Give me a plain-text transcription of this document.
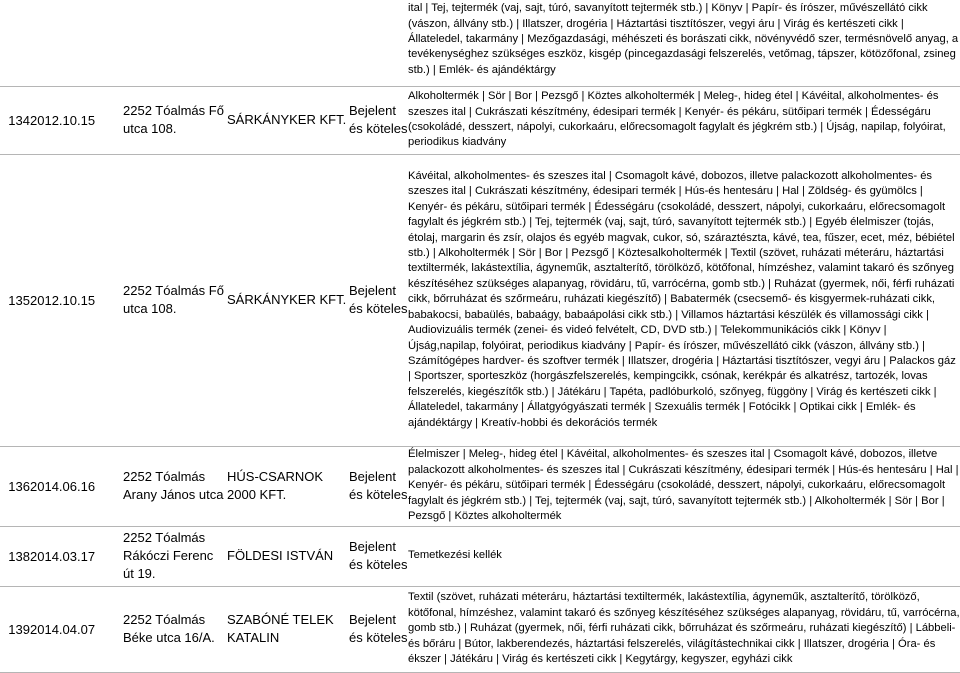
					ital | Tej, tejtermék (vaj, sajt, túró, savanyított tejtermék stb.) | Könyv | Papír- és írószer, művészellátó cikk (vászon, állvány stb.) | Illatszer, drogéria | Háztartási tisztítószer, vegyi áru | Virág és kertészeti cikk | Állateledel, takarmány | Mezőgazdasági, méhészeti és borászati cikk, növényvédő szer, termésnövelő anyag, a tevékenységhez szükséges eszköz, kisgép (pincegazdasági felszerelés, vetőmag, tápszer, kötözőfonal, zsineg stb.) | Emlék- és ajándéktárgy
134	2012.10.15	2252 Tóalmás Fő utca 108.	SÁRKÁNYKER KFT.	Bejelent és köteles	Alkoholtermék | Sör | Bor | Pezsgő | Köztes alkoholtermék | Meleg-, hideg étel | Kávéital, alkoholmentes- és szeszes ital | Cukrászati készítmény, édesipari termék | Kenyér- és pékáru, sütőipari termék | Édességáru (csokoládé, desszert, nápolyi, cukorkaáru, előrecsomagolt fagylalt és jégkrém stb.) | Újság, napilap, folyóirat, periodikus kiadvány
135	2012.10.15	2252 Tóalmás Fő utca 108.	SÁRKÁNYKER KFT.	Bejelent és köteles	Kávéital, alkoholmentes- és szeszes ital | Csomagolt kávé, dobozos, illetve palackozott alkoholmentes- és szeszes ital | Cukrászati készítmény, édesipari termék | Hús-és hentesáru | Hal | Zöldség- és gyümölcs | Kenyér- és pékáru, sütőipari termék | Édességáru (csokoládé, desszert, nápolyi, cukorkaáru, előrecsomagolt fagylalt és jégkrém stb.) | Tej, tejtermék (vaj, sajt, túró, savanyított tejtermék stb.) | Egyéb élelmiszer (tojás, étolaj, margarin és zsír, olajos és egyéb magvak, cukor, só, száraztészta, kávé, tea, fűszer, ecet, méz, bébiétel stb.) | Alkoholtermék | Sör | Bor | Pezsgő | Köztesalkoholtermék | Textil (szövet, ruházati méteráru, háztartási textiltermék, lakástextília, ágyneműk, asztalterítő, törölköző, kötőfonal, hímzéshez, valamint takaró és szőnyeg készítéséhez szükséges alapanyag, rövidáru, tű, varrócérna, gomb stb.) | Ruházat (gyermek, női, férfi ruházati cikk, bőrruházat és szőrmeáru, ruházati kiegészítő) | Babatermék (csecsemő- és kisgyermek-ruházati cikk, babakocsi, babaülés, babaágy, babaápolási cikk stb.) | Villamos háztartási készülék és villamossági cikk | Audiovizuális termék (zenei- és videó felvételt, CD, DVD stb.) | Telekommunikációs cikk | Könyv | Újság,napilap, folyóirat, periodikus kiadvány | Papír- és írószer, művészellátó cikk (vászon, állvány stb.) | Számítógépes hardver- és szoftver termék | Illatszer, drogéria | Háztartási tisztítószer, vegyi áru | Palackos gáz | Sportszer, sporteszköz (horgászfelszerelés, kempingcikk, csónak, kerékpár és alkatrész, tartozék, lovas felszerelés, kiegészítők stb.) | Játékáru | Tapéta, padlóburkoló, szőnyeg, függöny | Virág és kertészeti cikk | Állateledel, takarmány | Állatgyógyászati termék | Szexuális termék | Fotócikk | Optikai cikk | Emlék- és ajándéktárgy | Kreatív-hobbi és dekorációs termék
136	2014.06.16	2252 Tóalmás Arany János utca	HÚS-CSARNOK 2000 KFT.	Bejelent és köteles	Élelmiszer | Meleg-, hideg étel | Kávéital, alkoholmentes- és szeszes ital | Csomagolt kávé, dobozos, illetve palackozott alkoholmentes- és szeszes ital | Cukrászati készítmény, édesipari termék | Hús-és hentesáru | Hal | Kenyér- és pékáru, sütőipari termék | Édességáru (csokoládé, desszert, nápolyi, cukorkaáru, előrecsomagolt fagylalt és jégkrém stb.) | Tej, tejtermék (vaj, sajt, túró, savanyított tejtermék stb.) | Alkoholtermék | Sör | Bor | Pezsgő | Köztes alkoholtermék
138	2014.03.17	2252 Tóalmás Rákóczi Ferenc út 19.	FÖLDESI ISTVÁN	Bejelent és köteles	Temetkezési kellék
139	2014.04.07	2252 Tóalmás Béke utca 16/A.	SZABÓNÉ TELEK KATALIN	Bejelent és köteles	Textil (szövet, ruházati méteráru, háztartási textiltermék, lakástextília, ágyneműk, asztalterítő, törölköző, kötőfonal, hímzéshez, valamint takaró és szőnyeg készítéséhez szükséges alapanyag, rövidáru, tű, varrócérna, gomb stb.) | Ruházat (gyermek, női, férfi ruházati cikk, bőrruházat és szőrmeáru, ruházati kiegészítő) | Lábbeli- és bőráru | Bútor, lakberendezés, háztartási felszerelés, világítástechnikai cikk | Illatszer, drogéria | Óra- és ékszer | Játékáru | Virág és kertészeti cikk | Kegytárgy, kegyszer, egyházi cikk
